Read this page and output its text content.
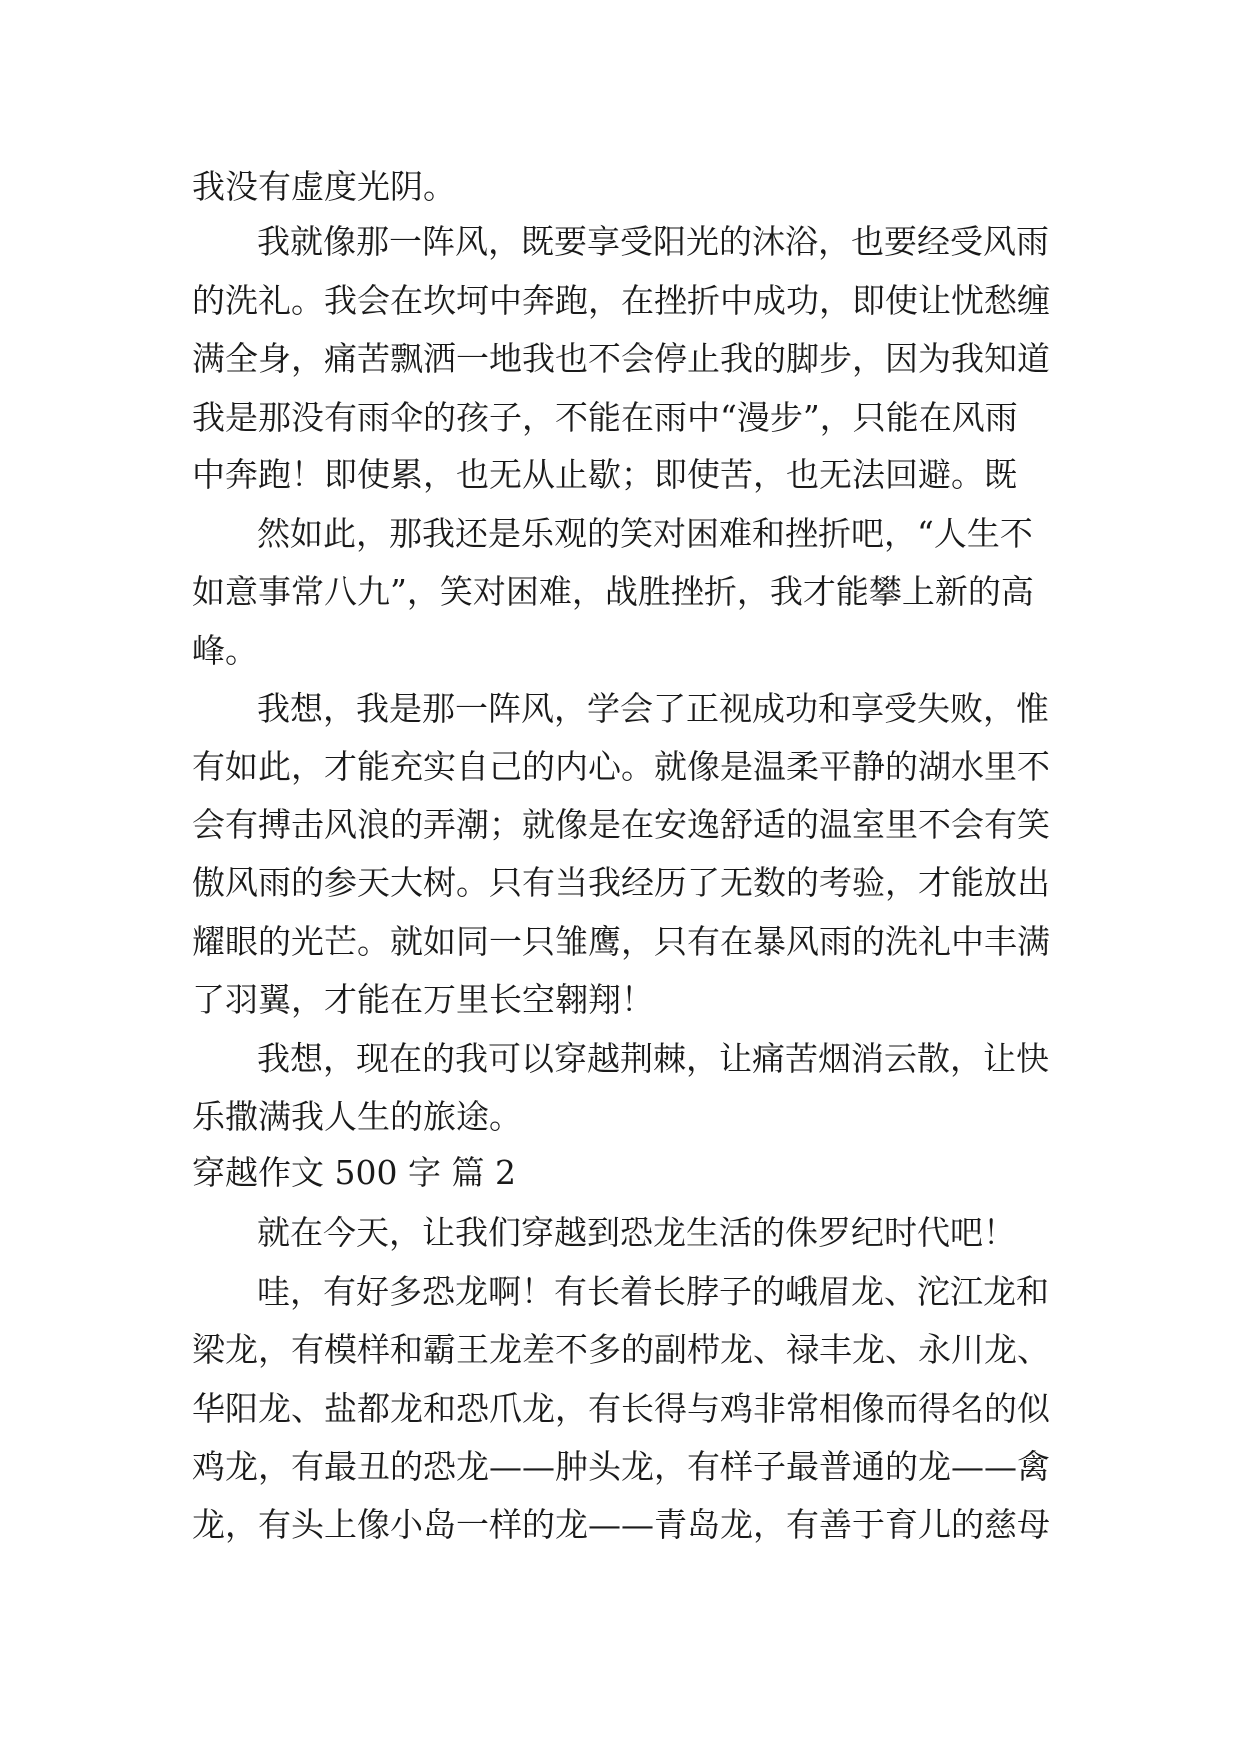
我没有虚度光阴。
我就像那一阵风，既要享受阳光的沐浴，也要经受风雨
的洗礼。我会在坎坷中奔跑，在挫折中成功，即使让忧愁缠
满全身，痛苦飘洒一地我也不会停止我的脚步，因为我知道
我是那没有雨伞的孩子，不能在雨中“漫步”，只能在风雨
中奔跑！即使累，也无从止歇；即使苦，也无法回避。既
然如此，那我还是乐观的笑对困难和挫折吧，“人生不
如意事常八九”，笑对困难，战胜挫折，我才能攀上新的高
峰。
我想，我是那一阵风，学会了正视成功和享受失败，惟
有如此，才能充实自己的内心。就像是温柔平静的湖水里不
会有搏击风浪的弄潮；就像是在安逸舒适的温室里不会有笑
傲风雨的参天大树。只有当我经历了无数的考验，才能放出
耀眼的光芒。就如同一只雏鹰，只有在暴风雨的洗礼中丰满
了羽翼，才能在万里长空翱翔！
我想，现在的我可以穿越荆棘，让痛苦烟消云散，让快
乐撒满我人生的旅途。
穿越作文 500 字 篇 2
就在今天，让我们穿越到恐龙生活的侏罗纪时代吧！
哇，有好多恐龙啊！有长着长脖子的峨眉龙、沱江龙和
梁龙，有模样和霸王龙差不多的副栉龙、禄丰龙、永川龙、
华阳龙、盐都龙和恐爪龙，有长得与鸡非常相像而得名的似
鸡龙，有最丑的恐龙——肿头龙，有样子最普通的龙——禽
龙，有头上像小岛一样的龙——青岛龙，有善于育儿的慈母
